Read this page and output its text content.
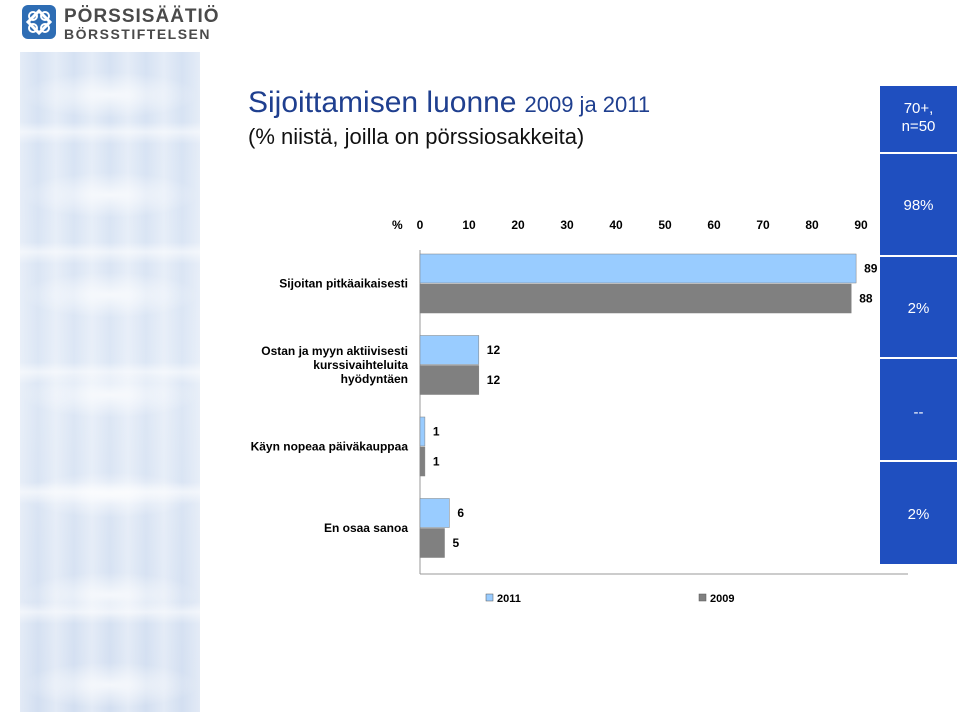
PÖRSSISÄÄTIÖ
BÖRSSTIFTELSEN
Sijoittamisen luonne 2009 ja 2011
(% niistä, joilla on pörssiosakkeita)
70+,
n=50
98%
2%
--
2%
% 0	10	20	30	40	50	60	70	80	90
89
88
Sijoitan pitkäaikaisesti
12
12
Ostan ja myyn aktiivisesti
kurssivaihteluita
hyödyntäen
1
1
Käyn nopeaa päiväkauppaa
6
5
En osaa sanoa
2011	2009
